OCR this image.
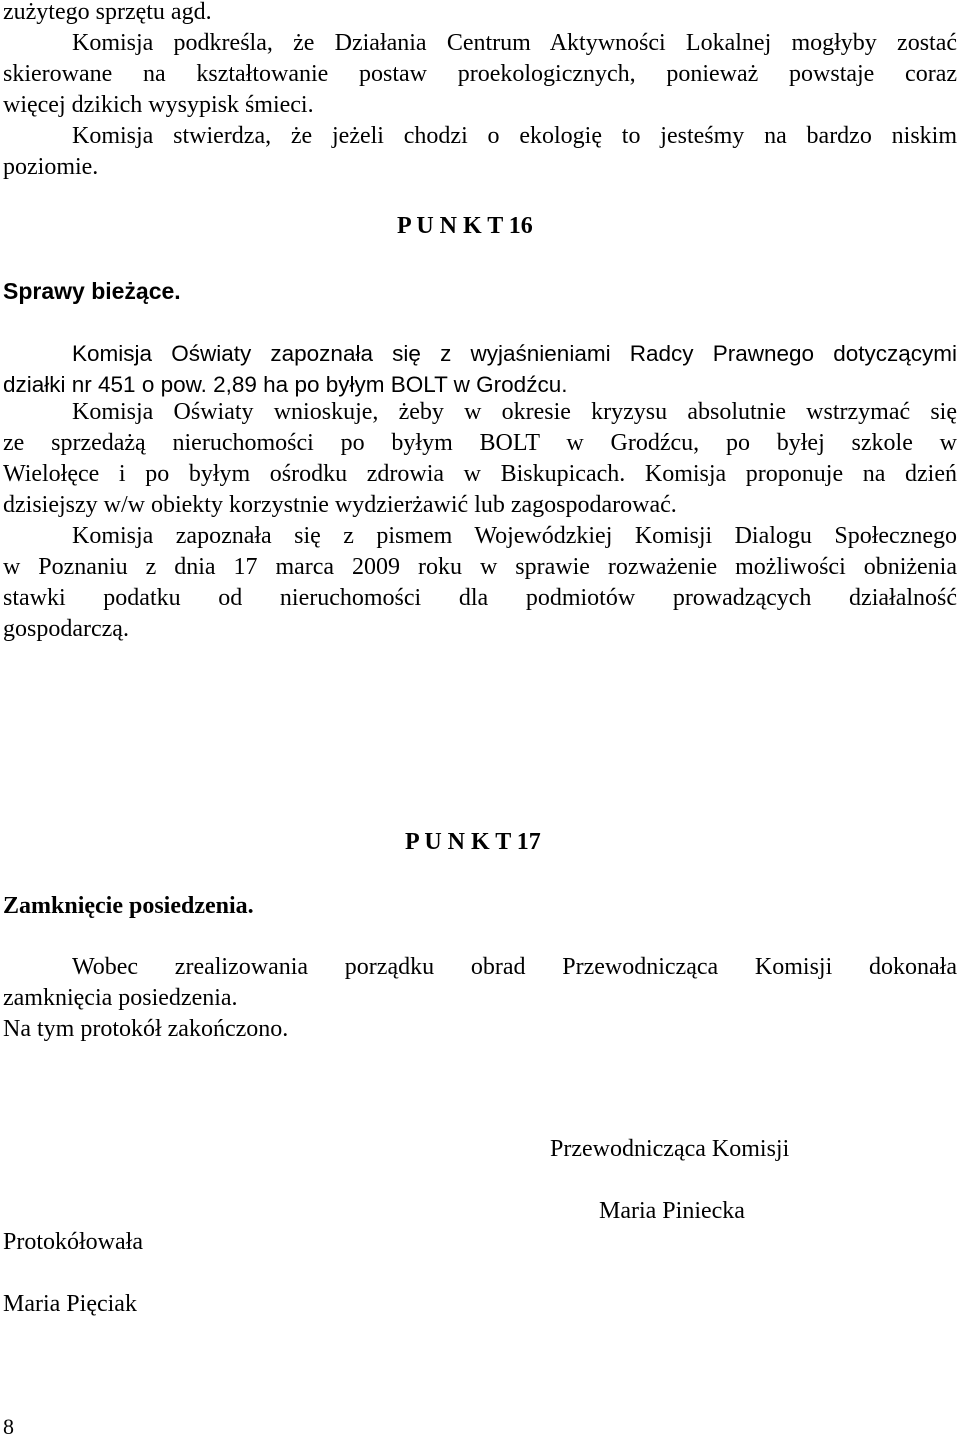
zużytego sprzętu agd.
Komisja podkreśla, że Działania Centrum Aktywności Lokalnej mogłyby zostać
skierowane na kształtowanie postaw proekologicznych, ponieważ powstaje coraz
więcej dzikich wysypisk śmieci.
Komisja stwierdza, że jeżeli chodzi o ekologię to jesteśmy na bardzo niskim
poziomie.
P U N K T 16
Sprawy bieżące.
Komisja Oświaty zapoznała się z wyjaśnieniami Radcy Prawnego dotyczącymi
działki nr 451 o pow. 2,89 ha po byłym BOLT w Grodźcu.
Komisja Oświaty wnioskuje, żeby w okresie kryzysu absolutnie wstrzymać się
ze sprzedażą nieruchomości po byłym BOLT w Grodźcu, po byłej szkole w
Wielołęce i po byłym ośrodku zdrowia w Biskupicach. Komisja proponuje na dzień
dzisiejszy w/w obiekty korzystnie wydzierżawić lub zagospodarować.
Komisja zapoznała się z pismem Wojewódzkiej Komisji Dialogu Społecznego
w Poznaniu z dnia 17 marca 2009 roku w sprawie rozważenie możliwości obniżenia
stawki podatku od nieruchomości dla podmiotów prowadzących działalność
gospodarczą.
P U N K T 17
Zamknięcie posiedzenia.
Wobec zrealizowania porządku obrad Przewodnicząca Komisji dokonała
zamknięcia posiedzenia.
Na tym protokół zakończono.
Przewodnicząca Komisji
Maria Piniecka
Protokółowała
Maria Pięciak
8
